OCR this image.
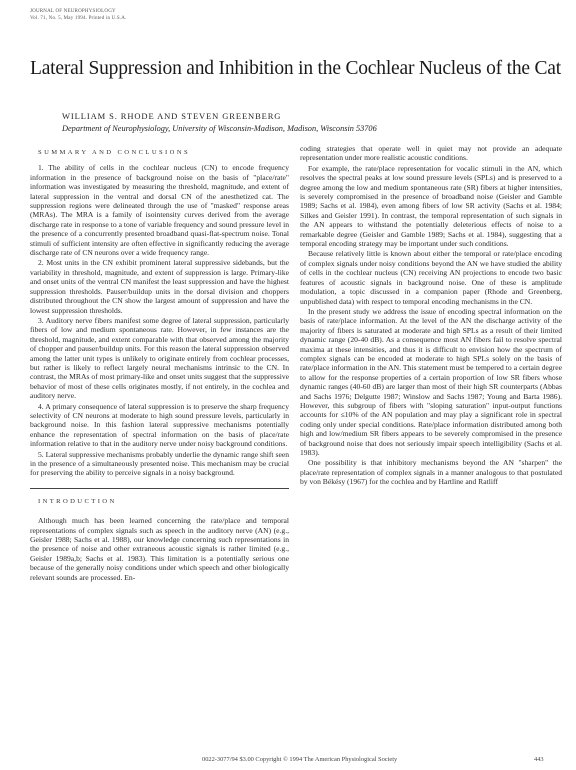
JOURNAL OF NEUROPHYSIOLOGY
Vol. 71, No. 5, May 1994. Printed in U.S.A.
Lateral Suppression and Inhibition in the Cochlear Nucleus of the Cat
WILLIAM S. RHODE AND STEVEN GREENBERG
Department of Neurophysiology, University of Wisconsin-Madison, Madison, Wisconsin 53706
SUMMARY AND CONCLUSIONS

1. The ability of cells in the cochlear nucleus (CN) to encode frequency information in the presence of background noise on the basis of "place/rate" information was investigated by measuring the threshold, magnitude, and extent of lateral suppression in the ventral and dorsal CN of the anesthetized cat. The suppression regions were delineated through the use of "masked" response areas (MRAs). The MRA is a family of isointensity curves derived from the average discharge rate in response to a tone of variable frequency and sound pressure level in the presence of a concurrently presented broadband quasi-flat-spectrum noise. Tonal stimuli of sufficient intensity are often effective in significantly reducing the average discharge rate of CN neurons over a wide frequency range.

2. Most units in the CN exhibit prominent lateral suppressive sidebands, but the variability in threshold, magnitude, and extent of suppression is large. Primary-like and onset units of the ventral CN manifest the least suppression and have the highest suppression thresholds. Pauser/buildup units in the dorsal division and choppers distributed throughout the CN show the largest amount of suppression and have the lowest suppression thresholds.

3. Auditory nerve fibers manifest some degree of lateral suppression, particularly fibers of low and medium spontaneous rate. However, in few instances are the threshold, magnitude, and extent comparable with that observed among the majority of chopper and pauser/buildup units. For this reason the lateral suppression observed among the latter unit types is unlikely to originate entirely from cochlear processes, but rather is likely to reflect largely neural mechanisms intrinsic to the CN. In contrast, the MRAs of most primary-like and onset units suggest that the suppressive behavior of most of these cells originates mostly, if not entirely, in the cochlea and auditory nerve.

4. A primary consequence of lateral suppression is to preserve the sharp frequency selectivity of CN neurons at moderate to high sound pressure levels, particularly in background noise. In this fashion lateral suppressive mechanisms potentially enhance the representation of spectral information on the basis of place/rate information relative to that in the auditory nerve under noisy background conditions.

5. Lateral suppressive mechanisms probably underlie the dynamic range shift seen in the presence of a simultaneously presented noise. This mechanism may be crucial for preserving the ability to perceive signals in a noisy background.

INTRODUCTION

Although much has been learned concerning the rate/place and temporal representations of complex signals such as speech in the auditory nerve (AN) (e.g., Geisler 1988; Sachs et al. 1988), our knowledge concerning such representations in the presence of noise and other extraneous acoustic signals is rather limited (e.g., Geisler 1989a,b; Sachs et al. 1983). This limitation is a potentially serious one because of the generally noisy conditions under which speech and other biologically relevant sounds are processed. En-

coding strategies that operate well in quiet may not provide an adequate representation under more realistic acoustic conditions.

For example, the rate/place representation for vocalic stimuli in the AN, which resolves the spectral peaks at low sound pressure levels (SPLs) and is preserved to a degree among the low and medium spontaneous rate (SR) fibers at higher intensities, is severely compromised in the presence of broadband noise (Geisler and Gamble 1989; Sachs et al. 1984), even among fibers of low SR activity (Sachs et al. 1984; Silkes and Geisler 1991). In contrast, the temporal representation of such signals in the AN appears to withstand the potentially deleterious effects of noise to a remarkable degree (Geisler and Gamble 1989; Sachs et al. 1984), suggesting that a temporal encoding strategy may be important under such conditions.

Because relatively little is known about either the temporal or rate/place encoding of complex signals under noisy conditions beyond the AN we have studied the ability of cells in the cochlear nucleus (CN) receiving AN projections to encode two basic features of acoustic signals in background noise. One of these is amplitude modulation, a topic discussed in a companion paper (Rhode and Greenberg, unpublished data) with respect to temporal encoding mechanisms in the CN.

In the present study we address the issue of encoding spectral information on the basis of rate/place information. At the level of the AN the discharge activity of the majority of fibers is saturated at moderate and high SPLs as a result of their limited dynamic range (20-40 dB). As a consequence most AN fibers fail to resolve spectral maxima at these intensities, and thus it is difficult to envision how the spectrum of complex signals can be encoded at moderate to high SPLs solely on the basis of rate/place information in the AN. This statement must be tempered to a certain degree to allow for the response properties of a certain proportion of low SR fibers whose dynamic ranges (40-60 dB) are larger than most of their high SR counterparts (Abbas and Sachs 1976; Delgutte 1987; Winslow and Sachs 1987; Young and Barta 1986). However, this subgroup of fibers with "sloping saturation" input-output functions accounts for ≤10% of the AN population and may play a significant role in spectral coding only under special conditions. Rate/place information distributed among both high and low/medium SR fibers appears to be severely compromised in the presence of background noise that does not seriously impair speech intelligibility (Sachs et al. 1983).

One possibility is that inhibitory mechanisms beyond the AN "sharpen" the place/rate representation of complex signals in a manner analogous to that postulated by von Békésy (1967) for the cochlea and by Hartline and Ratliff

0022-3077/94 $3.00 Copyright © 1994 The American Physiological Society	443
